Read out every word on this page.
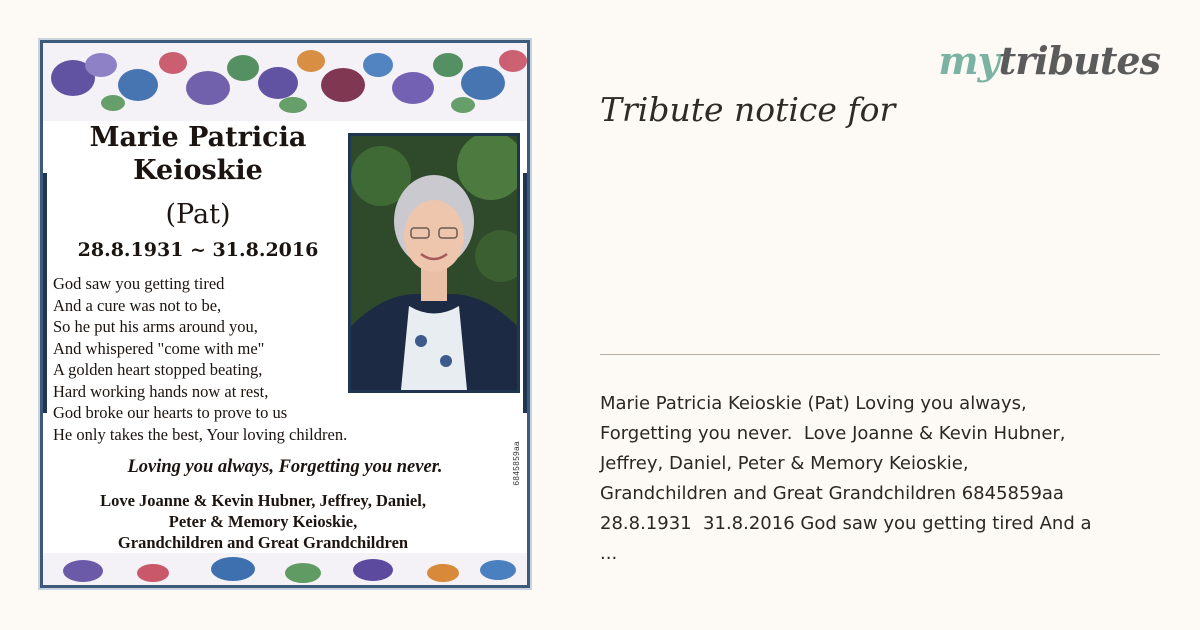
Marie Patricia
Keioskie
(Pat)
28.8.1931 ~ 31.8.2016
God saw you getting tired
And a cure was not to be,
So he put his arms around you,
And whispered "come with me"
A golden heart stopped beating,
Hard working hands now at rest,
God broke our hearts to prove to us
He only takes the best, Your loving children.
Loving you always, Forgetting you never.
Love Joanne & Kevin Hubner, Jeffrey, Daniel,
Peter & Memory Keioskie,
Grandchildren and Great Grandchildren
6845859aa
mytributes
Tribute notice for

Marie Patricia Keioskie (Pat) Loving you always,
Forgetting you never.  Love Joanne & Kevin Hubner,
Jeffrey, Daniel, Peter & Memory Keioskie,
Grandchildren and Great Grandchildren 6845859aa
28.8.1931  31.8.2016 God saw you getting tired And a
...
